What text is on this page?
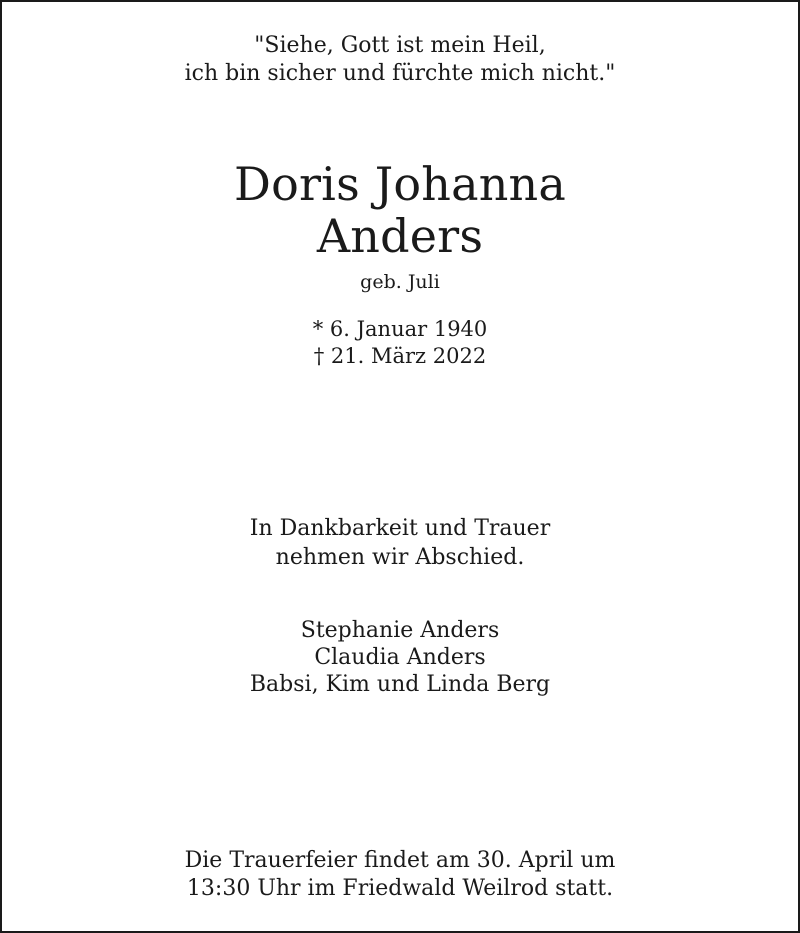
"Siehe, Gott ist mein Heil,
ich bin sicher und fürchte mich nicht."
Doris Johanna
Anders
geb. Juli
* 6. Januar 1940
† 21. März 2022
In Dankbarkeit und Trauer
nehmen wir Abschied.
Stephanie Anders
Claudia Anders
Babsi, Kim und Linda Berg
Die Trauerfeier findet am 30. April um
13:30 Uhr im Friedwald Weilrod statt.
